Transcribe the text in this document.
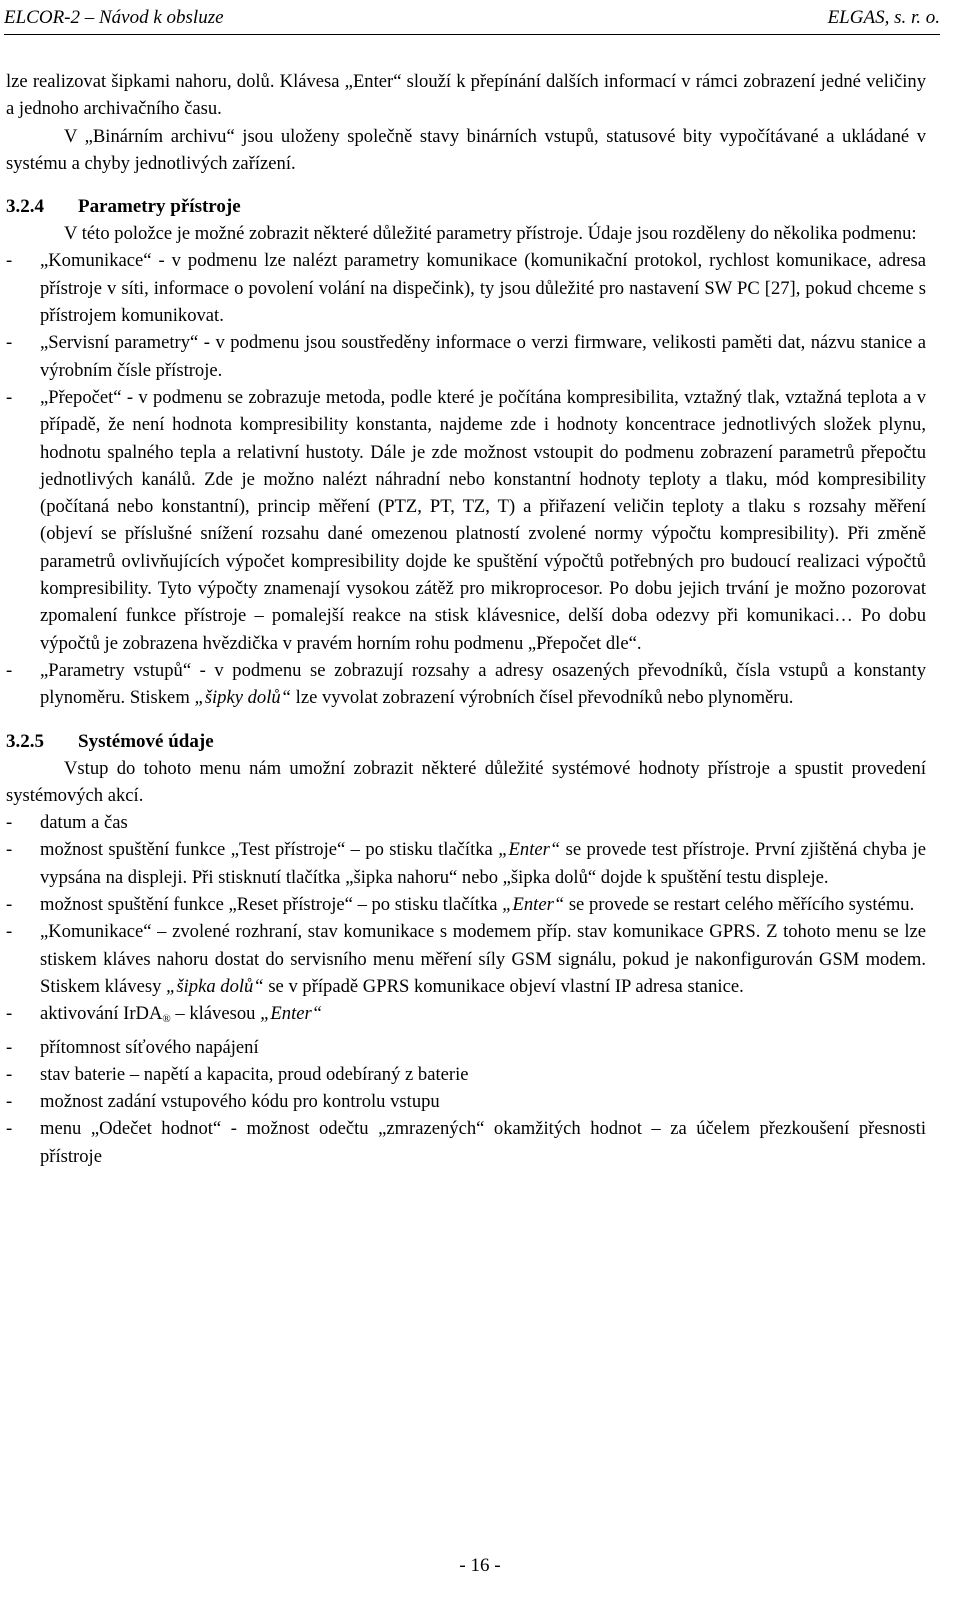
ELCOR-2 – Návod k obsluze	ELGAS, s. r. o.

lze realizovat šipkami nahoru, dolů. Klávesa „Enter“ slouží k přepínání dalších informací v rámci zobrazení jedné veličiny a jednoho archivačního času.

V „Binárním archivu“ jsou uloženy společně stavy binárních vstupů, statusové bity vypočítávané a ukládané v systému a chyby jednotlivých zařízení.

3.2.4 Parametry přístroje

V této položce je možné zobrazit některé důležité parametry přístroje. Údaje jsou rozděleny do několika podmenu:

- „Komunikace“ - v podmenu lze nalézt parametry komunikace (komunikační protokol, rychlost komunikace, adresa přístroje v síti, informace o povolení volání na dispečink), ty jsou důležité pro nastavení SW PC [27], pokud chceme s přístrojem komunikovat.
- „Servisní parametry“ - v podmenu jsou soustředěny informace o verzi firmware, velikosti paměti dat, názvu stanice a výrobním čísle přístroje.
- „Přepočet“ - v podmenu se zobrazuje metoda, podle které je počítána kompresibilita, vztažný tlak, vztažná teplota a v případě, že není hodnota kompresibility konstanta, najdeme zde i hodnoty koncentrace jednotlivých složek plynu, hodnotu spalného tepla a relativní hustoty. Dále je zde možnost vstoupit do podmenu zobrazení parametrů přepočtu jednotlivých kanálů. Zde je možno nalézt náhradní nebo konstantní hodnoty teploty a tlaku, mód kompresibility (počítaná nebo konstantní), princip měření (PTZ, PT, TZ, T) a přiřazení veličin teploty a tlaku s rozsahy měření (objeví se příslušné snížení rozsahu dané omezenou platností zvolené normy výpočtu kompresibility). Při změně parametrů ovlivňujících výpočet kompresibility dojde ke spuštění výpočtů potřebných pro budoucí realizaci výpočtů kompresibility. Tyto výpočty znamenají vysokou zátěž pro mikroprocesor. Po dobu jejich trvání je možno pozorovat zpomalení funkce přístroje – pomalejší reakce na stisk klávesnice, delší doba odezvy při komunikaci… Po dobu výpočtů je zobrazena hvězdička v pravém horním rohu podmenu „Přepočet dle“.
- „Parametry vstupů“ - v podmenu se zobrazují rozsahy a adresy osazených převodníků, čísla vstupů a konstanty plynoměru. Stiskem „šipky dolů“ lze vyvolat zobrazení výrobních čísel převodníků nebo plynoměru.
3.2.5 Systémové údaje

Vstup do tohoto menu nám umožní zobrazit některé důležité systémové hodnoty přístroje a spustit provedení systémových akcí.

- datum a čas
- možnost spuštění funkce „Test přístroje“ – po stisku tlačítka „Enter“ se provede test přístroje. První zjištěná chyba je vypsána na displeji. Při stisknutí tlačítka „šipka nahoru“ nebo „šipka dolů“ dojde k spuštění testu displeje.
- možnost spuštění funkce „Reset přístroje“ – po stisku tlačítka „Enter“ se provede se restart celého měřícího systému.
- „Komunikace“ – zvolené rozhraní, stav komunikace s modemem příp. stav komunikace GPRS. Z tohoto menu se lze stiskem kláves nahoru dostat do servisního menu měření síly GSM signálu, pokud je nakonfigurován GSM modem. Stiskem klávesy „šipka dolů“ se v případě GPRS komunikace objeví vlastní IP adresa stanice.
- aktivování IrDA® – klávesou „Enter“
- přítomnost síťového napájení
- stav baterie – napětí a kapacita, proud odebíraný z baterie
- možnost zadání vstupového kódu pro kontrolu vstupu
- menu „Odečet hodnot“ - možnost odečtu „zmrazených“ okamžitých hodnot – za účelem přezkoušení přesnosti přístroje
- 16 -
